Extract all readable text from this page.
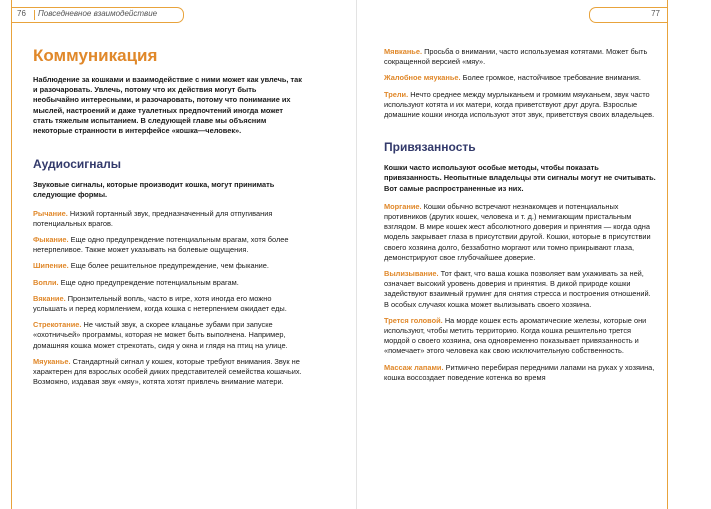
76 Повседневное взаимодействие
Коммуникация

Наблюдение за кошками и взаимодействие с ними может как увлечь, так и разочаровать. Увлечь, потому что их действия могут быть необычайно интересными, и разочаровать, потому что понимание их мыслей, настроений и даже туалетных предпочтений иногда может стать тяжелым испытанием. В следующей главе мы объясним некоторые странности в интерфейсе «кошка—человек».

Аудиосигналы

Звуковые сигналы, которые производит кошка, могут принимать следующие формы.

Рычание. Низкий гортанный звук, предназначенный для отпугивания потенциальных врагов.

Фыкание. Еще одно предупреждение потенциальным врагам, хотя более нетерпеливое. Также может указывать на болевые ощущения.

Шипение. Еще более решительное предупреждение, чем фыкание.

Вопли. Еще одно предупреждение потенциальным врагам.

Вякание. Пронзительный вопль, часто в игре, хотя иногда его можно услышать и перед кормлением, когда кошка с нетерпением ожидает еды.

Стрекотание. Не чистый звук, а скорее клацанье зубами при запуске «охотничьей» программы, которая не может быть выполнена. Например, домашняя кошка может стрекотать, сидя у окна и глядя на птиц на улице.

Мяуканье. Стандартный сигнал у кошек, которые требуют внимания. Звук не характерен для взрослых особей диких представителей семейства кошачьих. Возможно, издавая звук «мяу», котята хотят привлечь внимание матери.

77

Мявканье. Просьба о внимании, часто используемая котятами. Может быть сокращенной версией «мяу».

Жалобное мяуканье. Более громкое, настойчивое требование внимания.

Трели. Нечто среднее между мурлыканьем и громким мяуканьем, звук часто используют котята и их матери, когда приветствуют друг друга. Взрослые домашние кошки иногда используют этот звук, приветствуя своих владельцев.

Привязанность

Кошки часто используют особые методы, чтобы показать привязанность. Неопытные владельцы эти сигналы могут не считывать. Вот самые распространенные из них.

Моргание. Кошки обычно встречают незнакомцев и потенциальных противников (других кошек, человека и т. д.) немигающим пристальным взглядом. В мире кошек жест абсолютного доверия и принятия — когда одна модель закрывает глаза в присутствии другой. Кошки, которые в присутствии своего хозяина долго, беззаботно моргают или томно прикрывают глаза, демонстрируют свое глубочайшее доверие.

Вылизывание. Тот факт, что ваша кошка позволяет вам ухаживать за ней, означает высокий уровень доверия и принятия. В дикой природе кошки задействуют взаимный груминг для снятия стресса и построения отношений. В особых случаях кошка может вылизывать своего хозяина.

Трется головой. На морде кошек есть ароматические железы, которые они используют, чтобы метить территорию. Когда кошка решительно трется мордой о своего хозяина, она одновременно показывает привязанность и «помечает» этого человека как свою исключительную собственность.

Массаж лапами. Ритмично перебирая передними лапами на руках у хозяина, кошка воссоздает поведение котенка во время
